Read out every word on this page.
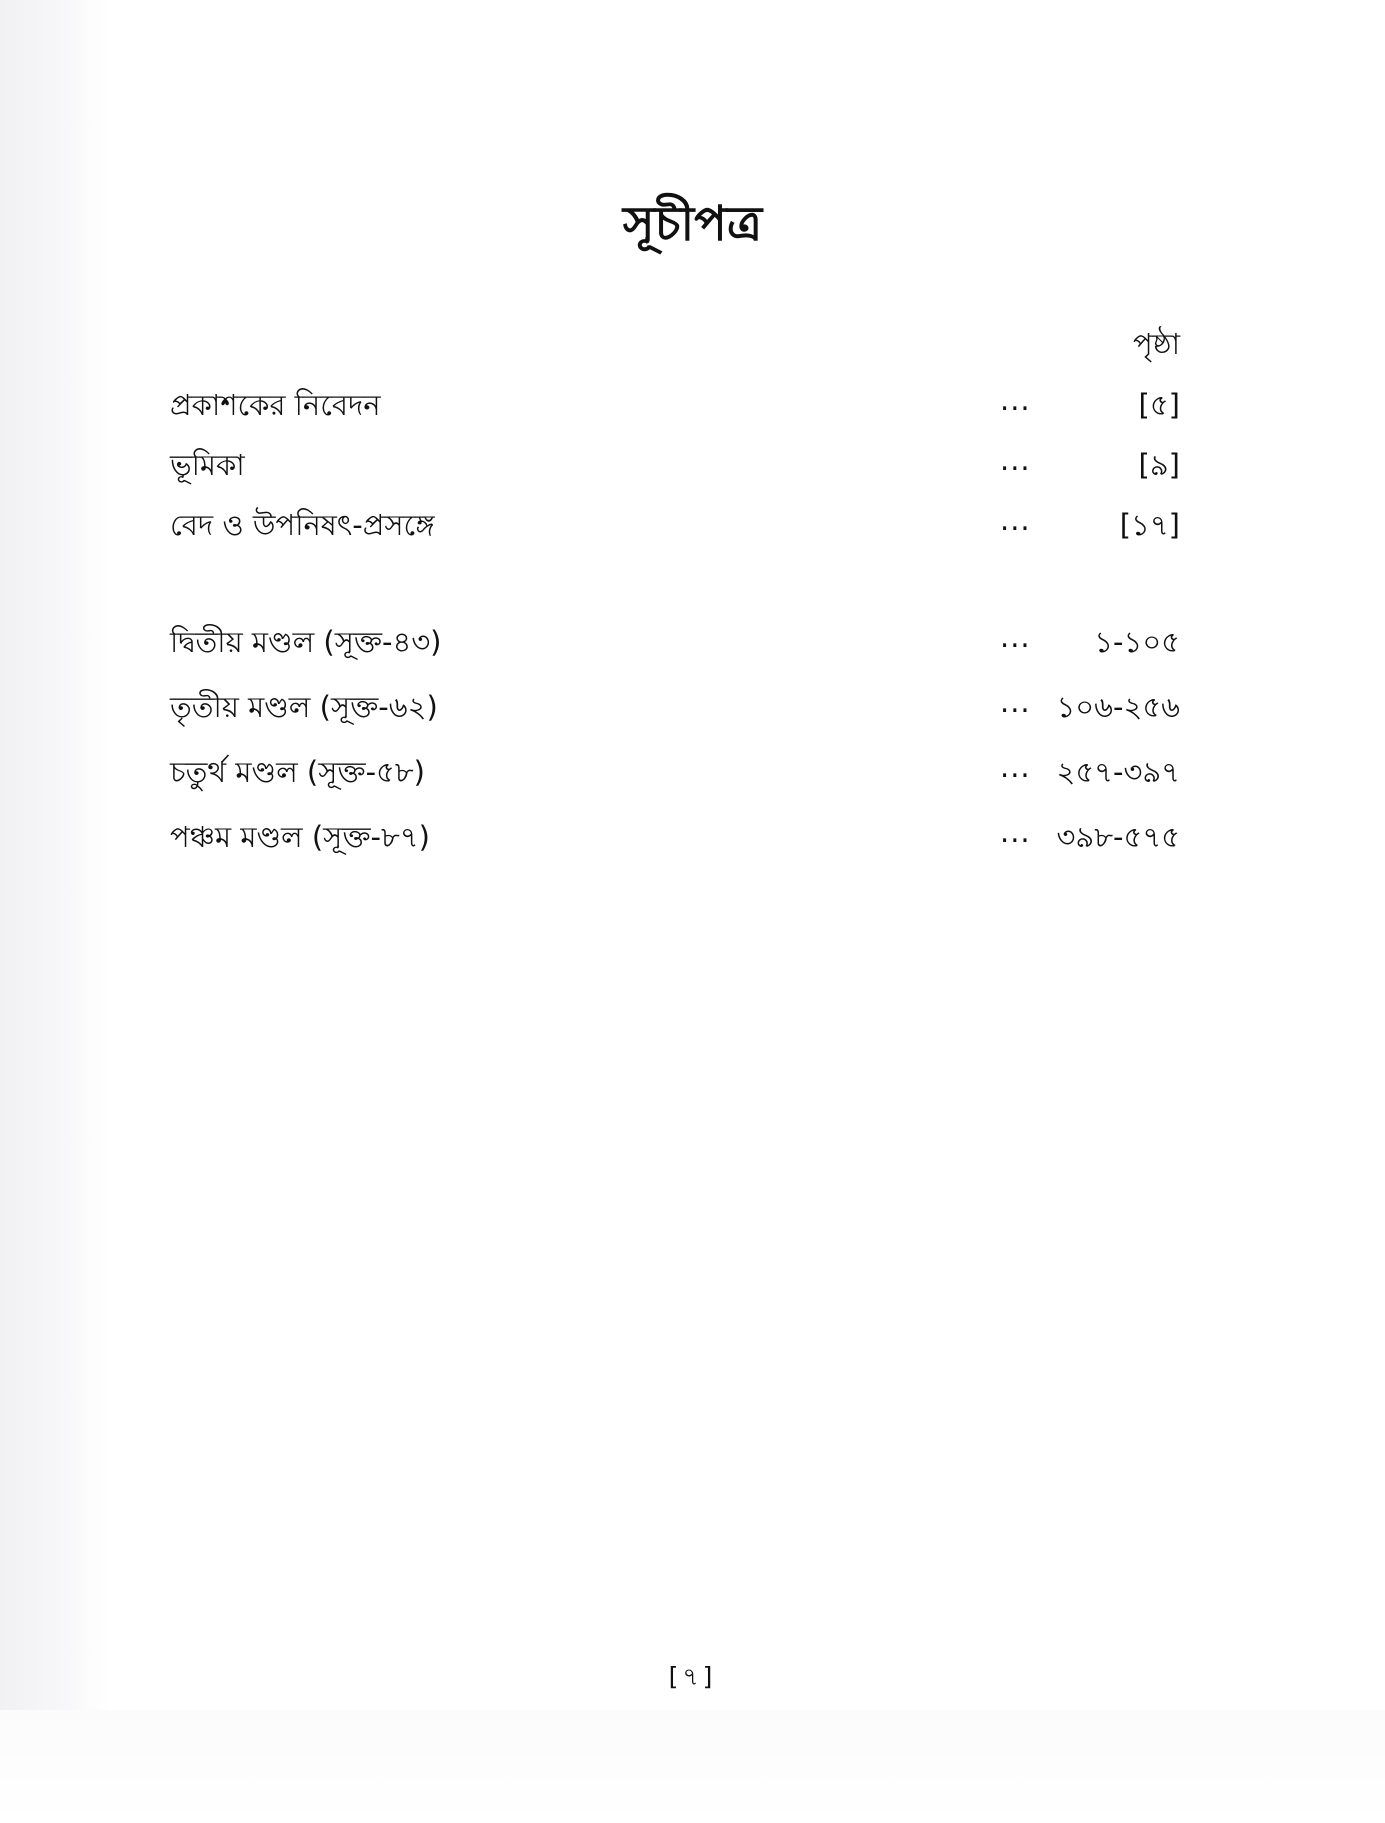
সূচীপত্র
পৃষ্ঠা
প্রকাশকের নিবেদন	...	[৫]
ভূমিকা	...	[৯]
বেদ ও উপনিষৎ-প্রসঙ্গে	...	[১৭]
দ্বিতীয় মণ্ডল (সূক্ত-৪৩)	... ১-১০৫
তৃতীয় মণ্ডল (সূক্ত-৬২)	... ১০৬-২৫৬
চতুর্থ মণ্ডল (সূক্ত-৫৮)	... ২৫৭-৩৯৭
পঞ্চম মণ্ডল (সূক্ত-৮৭)	... ৩৯৮-৫৭৫
[৭]
